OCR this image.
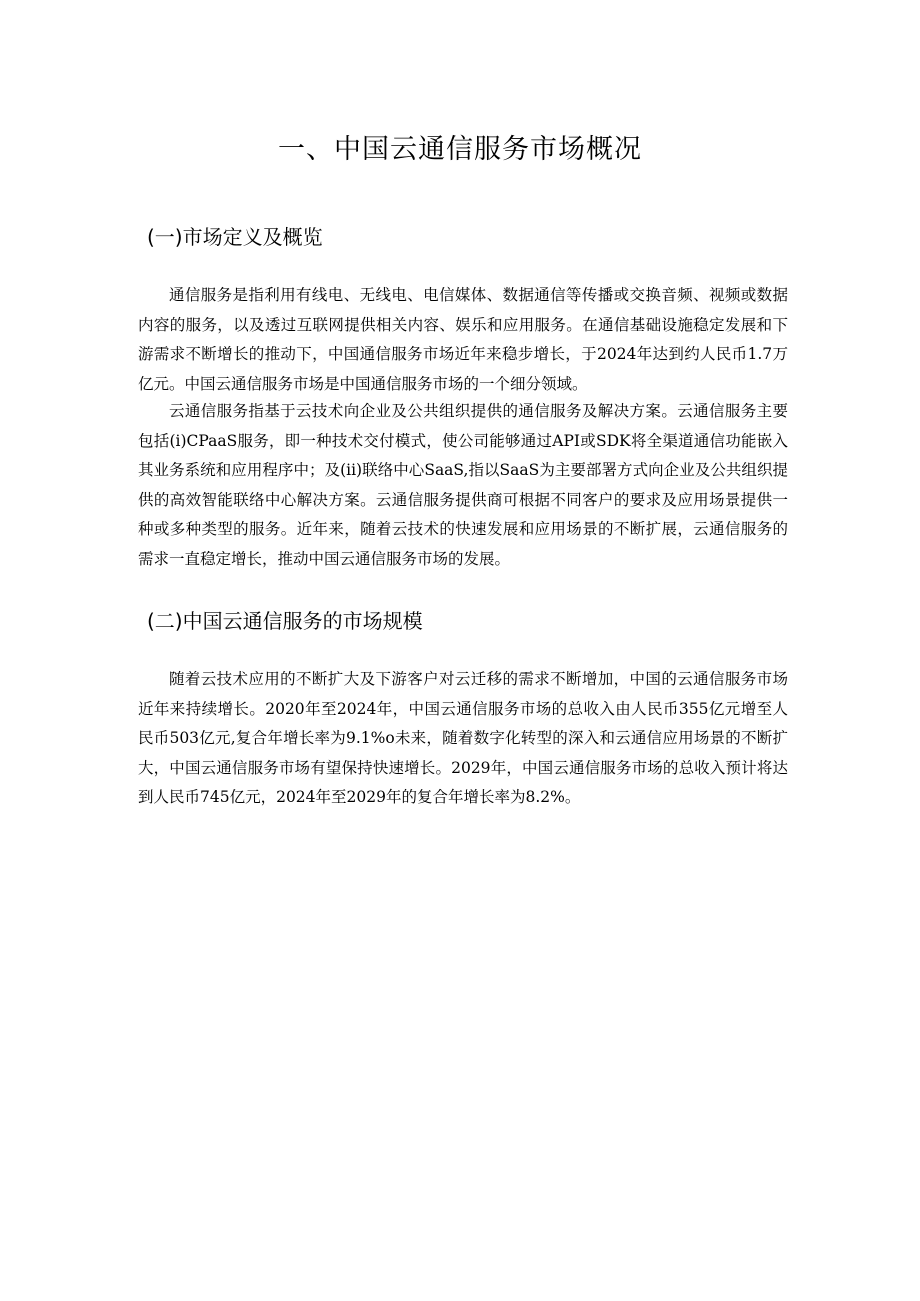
一、中国云通信服务市场概况
(一)市场定义及概览

通信服务是指利用有线电、无线电、电信媒体、数据通信等传播或交换音频、视频或数据内容的服务，以及透过互联网提供相关内容、娱乐和应用服务。在通信基础设施稳定发展和下游需求不断增长的推动下，中国通信服务市场近年来稳步增长，于2024年达到约人民币1.7万亿元。中国云通信服务市场是中国通信服务市场的一个细分领域。

云通信服务指基于云技术向企业及公共组织提供的通信服务及解决方案。云通信服务主要包括(i)CPaaS服务，即一种技术交付模式，使公司能够通过API或SDK将全渠道通信功能嵌入其业务系统和应用程序中；及(ii)联络中心SaaS,指以SaaS为主要部署方式向企业及公共组织提供的高效智能联络中心解决方案。云通信服务提供商可根据不同客户的要求及应用场景提供一种或多种类型的服务。近年来，随着云技术的快速发展和应用场景的不断扩展，云通信服务的需求一直稳定增长，推动中国云通信服务市场的发展。

(二)中国云通信服务的市场规模

随着云技术应用的不断扩大及下游客户对云迁移的需求不断增加，中国的云通信服务市场近年来持续增长。2020年至2024年，中国云通信服务市场的总收入由人民币355亿元增至人民币503亿元,复合年增长率为9.1%o未来，随着数字化转型的深入和云通信应用场景的不断扩大，中国云通信服务市场有望保持快速增长。2029年，中国云通信服务市场的总收入预计将达到人民币745亿元，2024年至2029年的复合年增长率为8.2%。
